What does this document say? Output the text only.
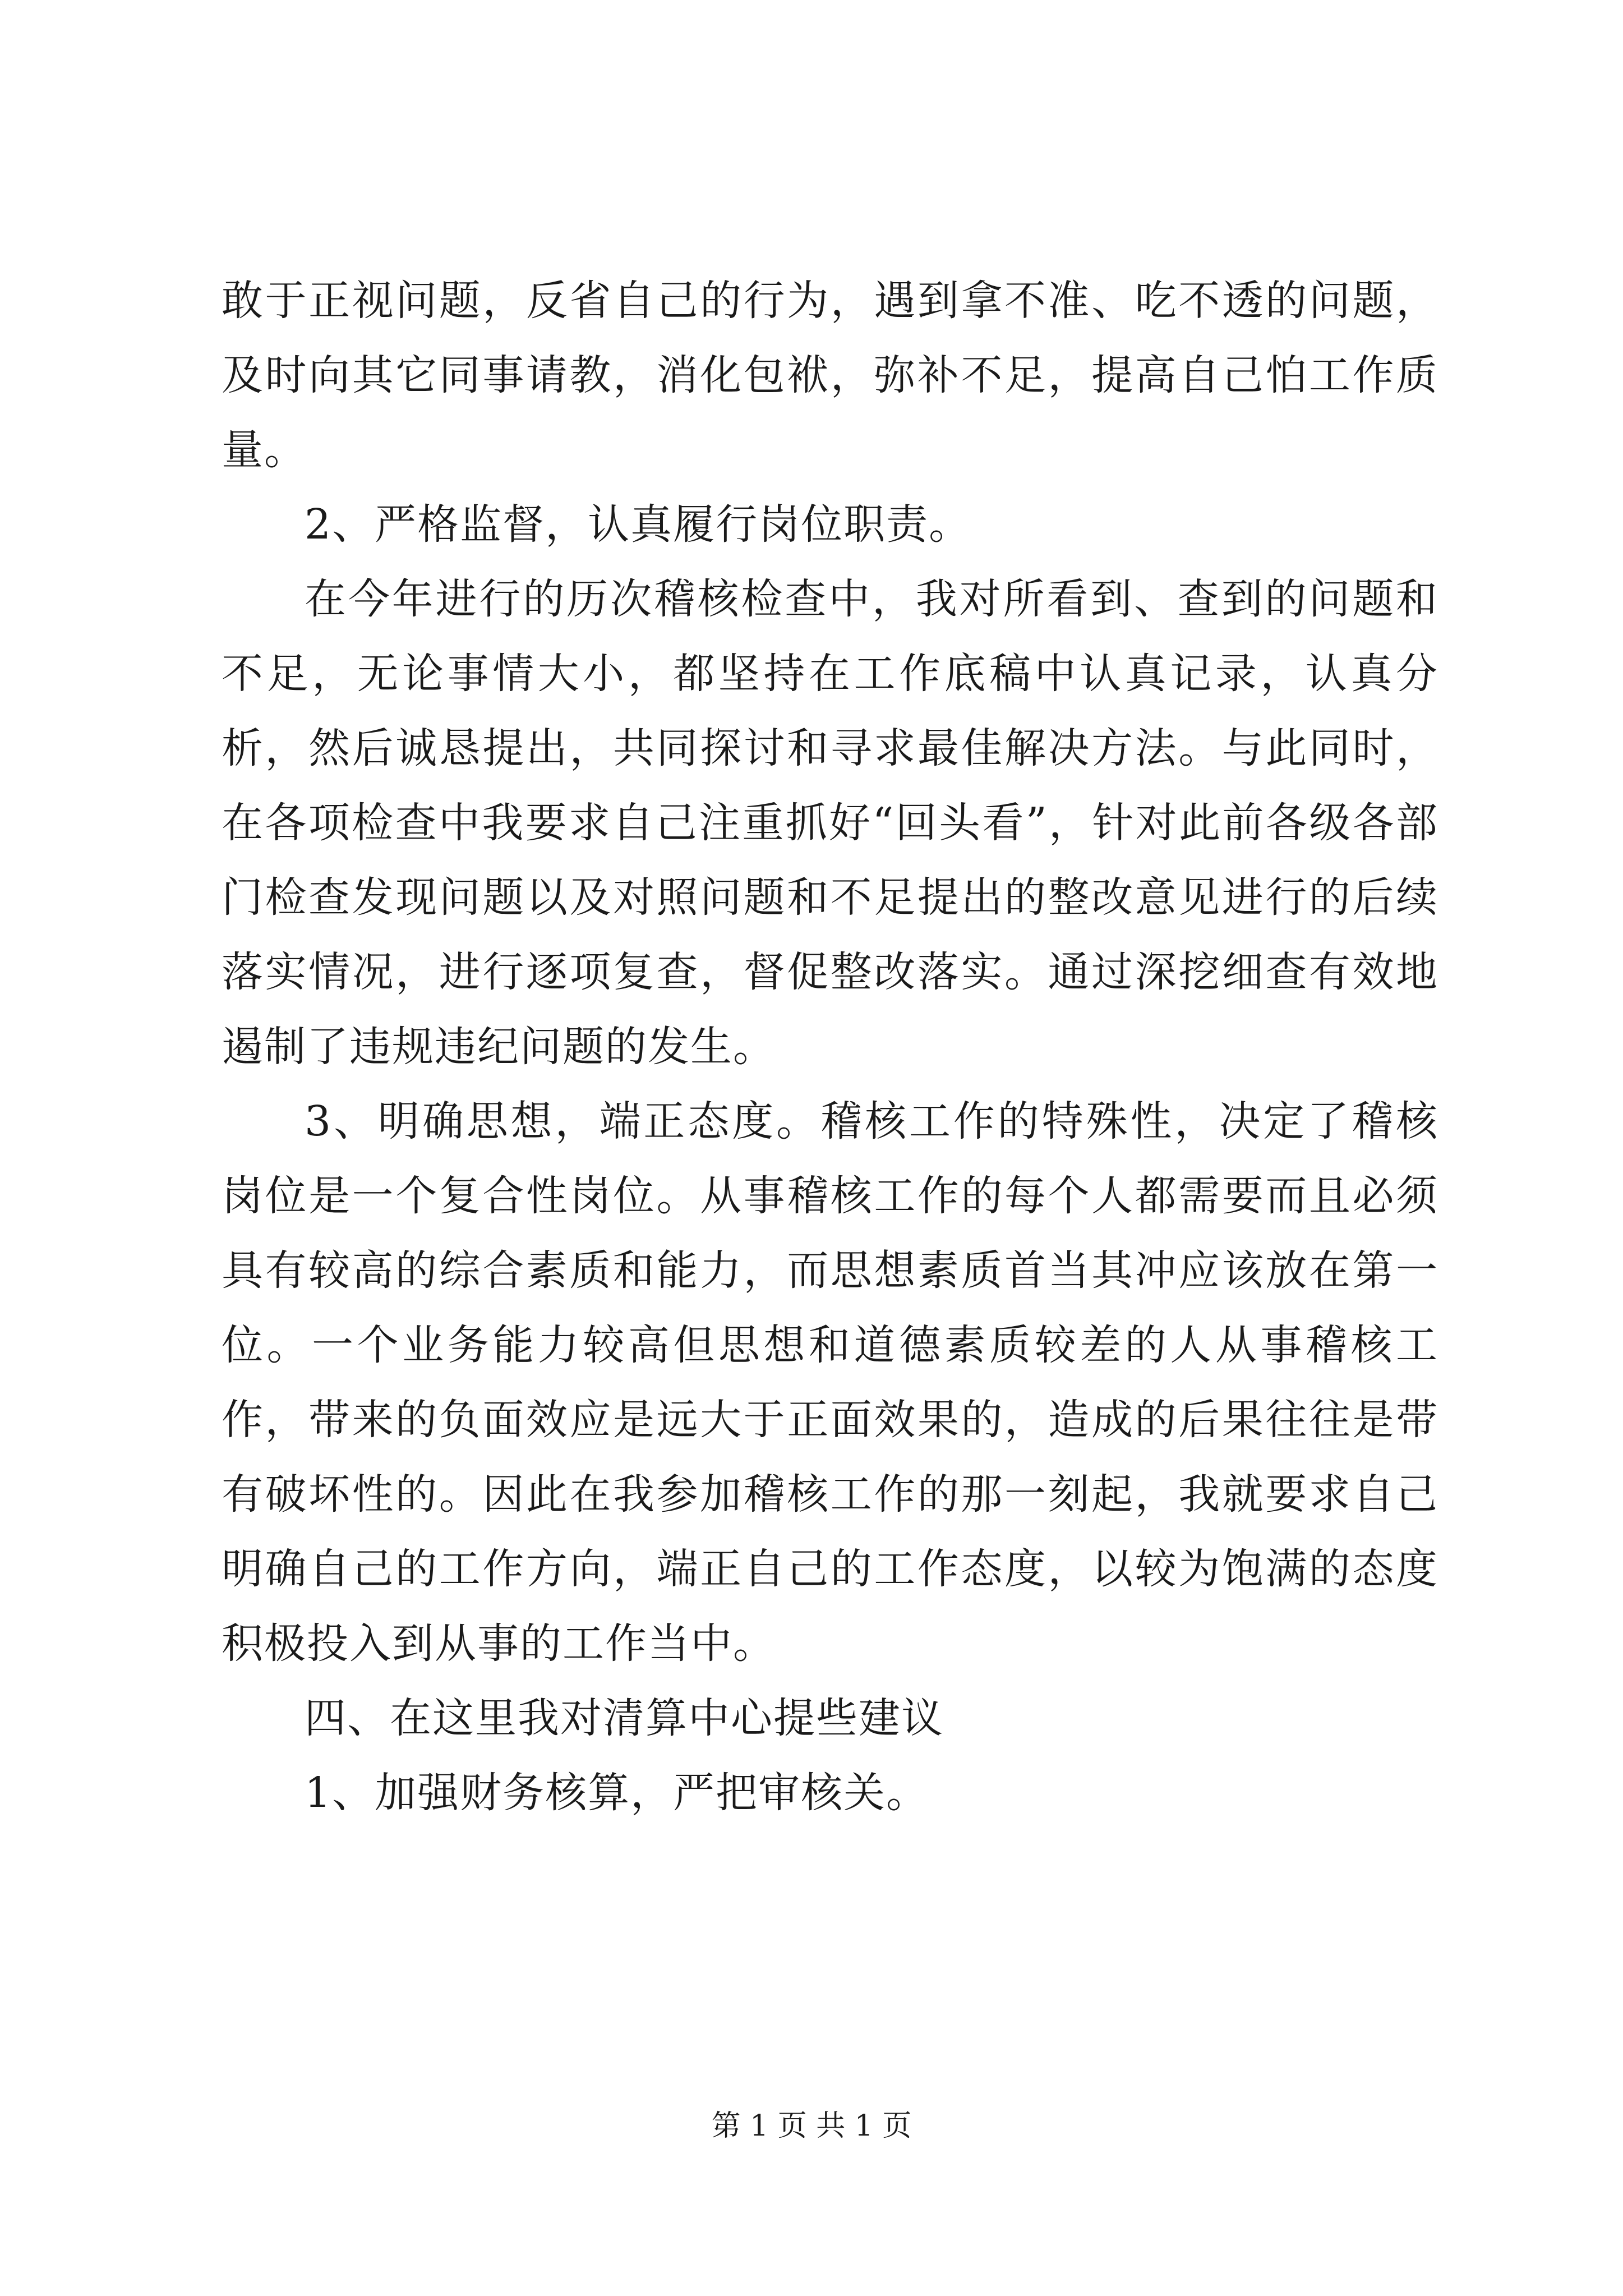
敢于正视问题，反省自己的行为，遇到拿不准、吃不透的问题，及时向其它同事请教，消化包袱，弥补不足，提高自己怕工作质量。

2、严格监督，认真履行岗位职责。

在今年进行的历次稽核检查中，我对所看到、查到的问题和不足，无论事情大小，都坚持在工作底稿中认真记录，认真分析，然后诚恳提出，共同探讨和寻求最佳解决方法。与此同时，在各项检查中我要求自己注重抓好“回头看”，针对此前各级各部门检查发现问题以及对照问题和不足提出的整改意见进行的后续落实情况，进行逐项复查，督促整改落实。通过深挖细查有效地遏制了违规违纪问题的发生。

3、明确思想，端正态度。稽核工作的特殊性，决定了稽核岗位是一个复合性岗位。从事稽核工作的每个人都需要而且必须具有较高的综合素质和能力，而思想素质首当其冲应该放在第一位。一个业务能力较高但思想和道德素质较差的人从事稽核工作，带来的负面效应是远大于正面效果的，造成的后果往往是带有破坏性的。因此在我参加稽核工作的那一刻起，我就要求自己明确自己的工作方向，端正自己的工作态度，以较为饱满的态度积极投入到从事的工作当中。

四、在这里我对清算中心提些建议

1、加强财务核算，严把审核关。

第 1 页 共 1 页
